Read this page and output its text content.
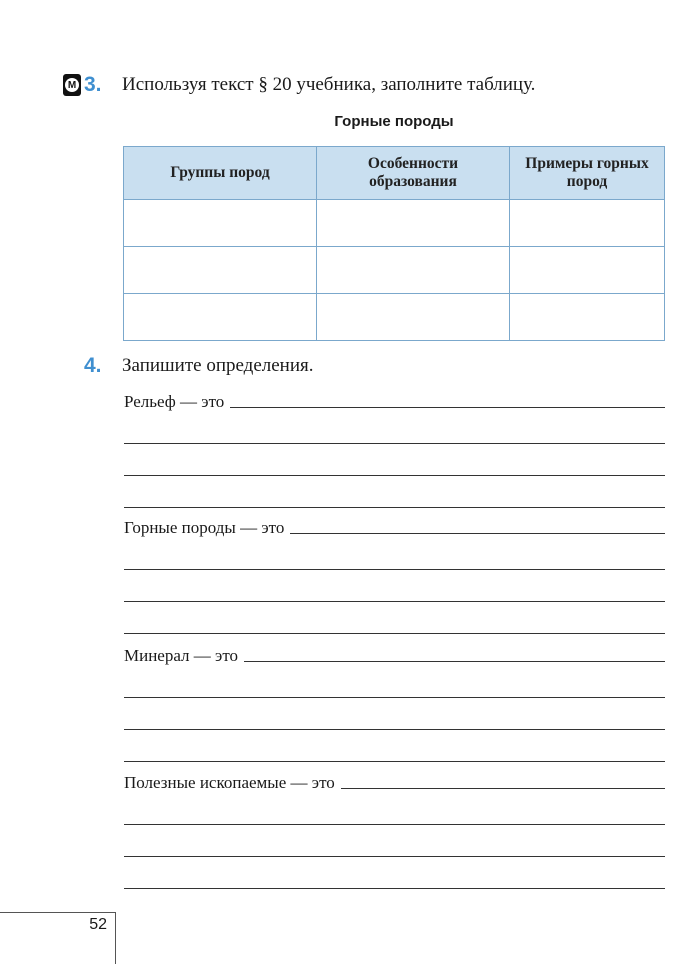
M 3.	Используя текст § 20 учебника, заполните таблицу.
Горные породы
Группы пород	Особенности образования	Примеры горных пород

4.	Запишите определения.
Рельеф — это
Горные породы — это
Минерал — это
Полезные ископаемые — это
52
